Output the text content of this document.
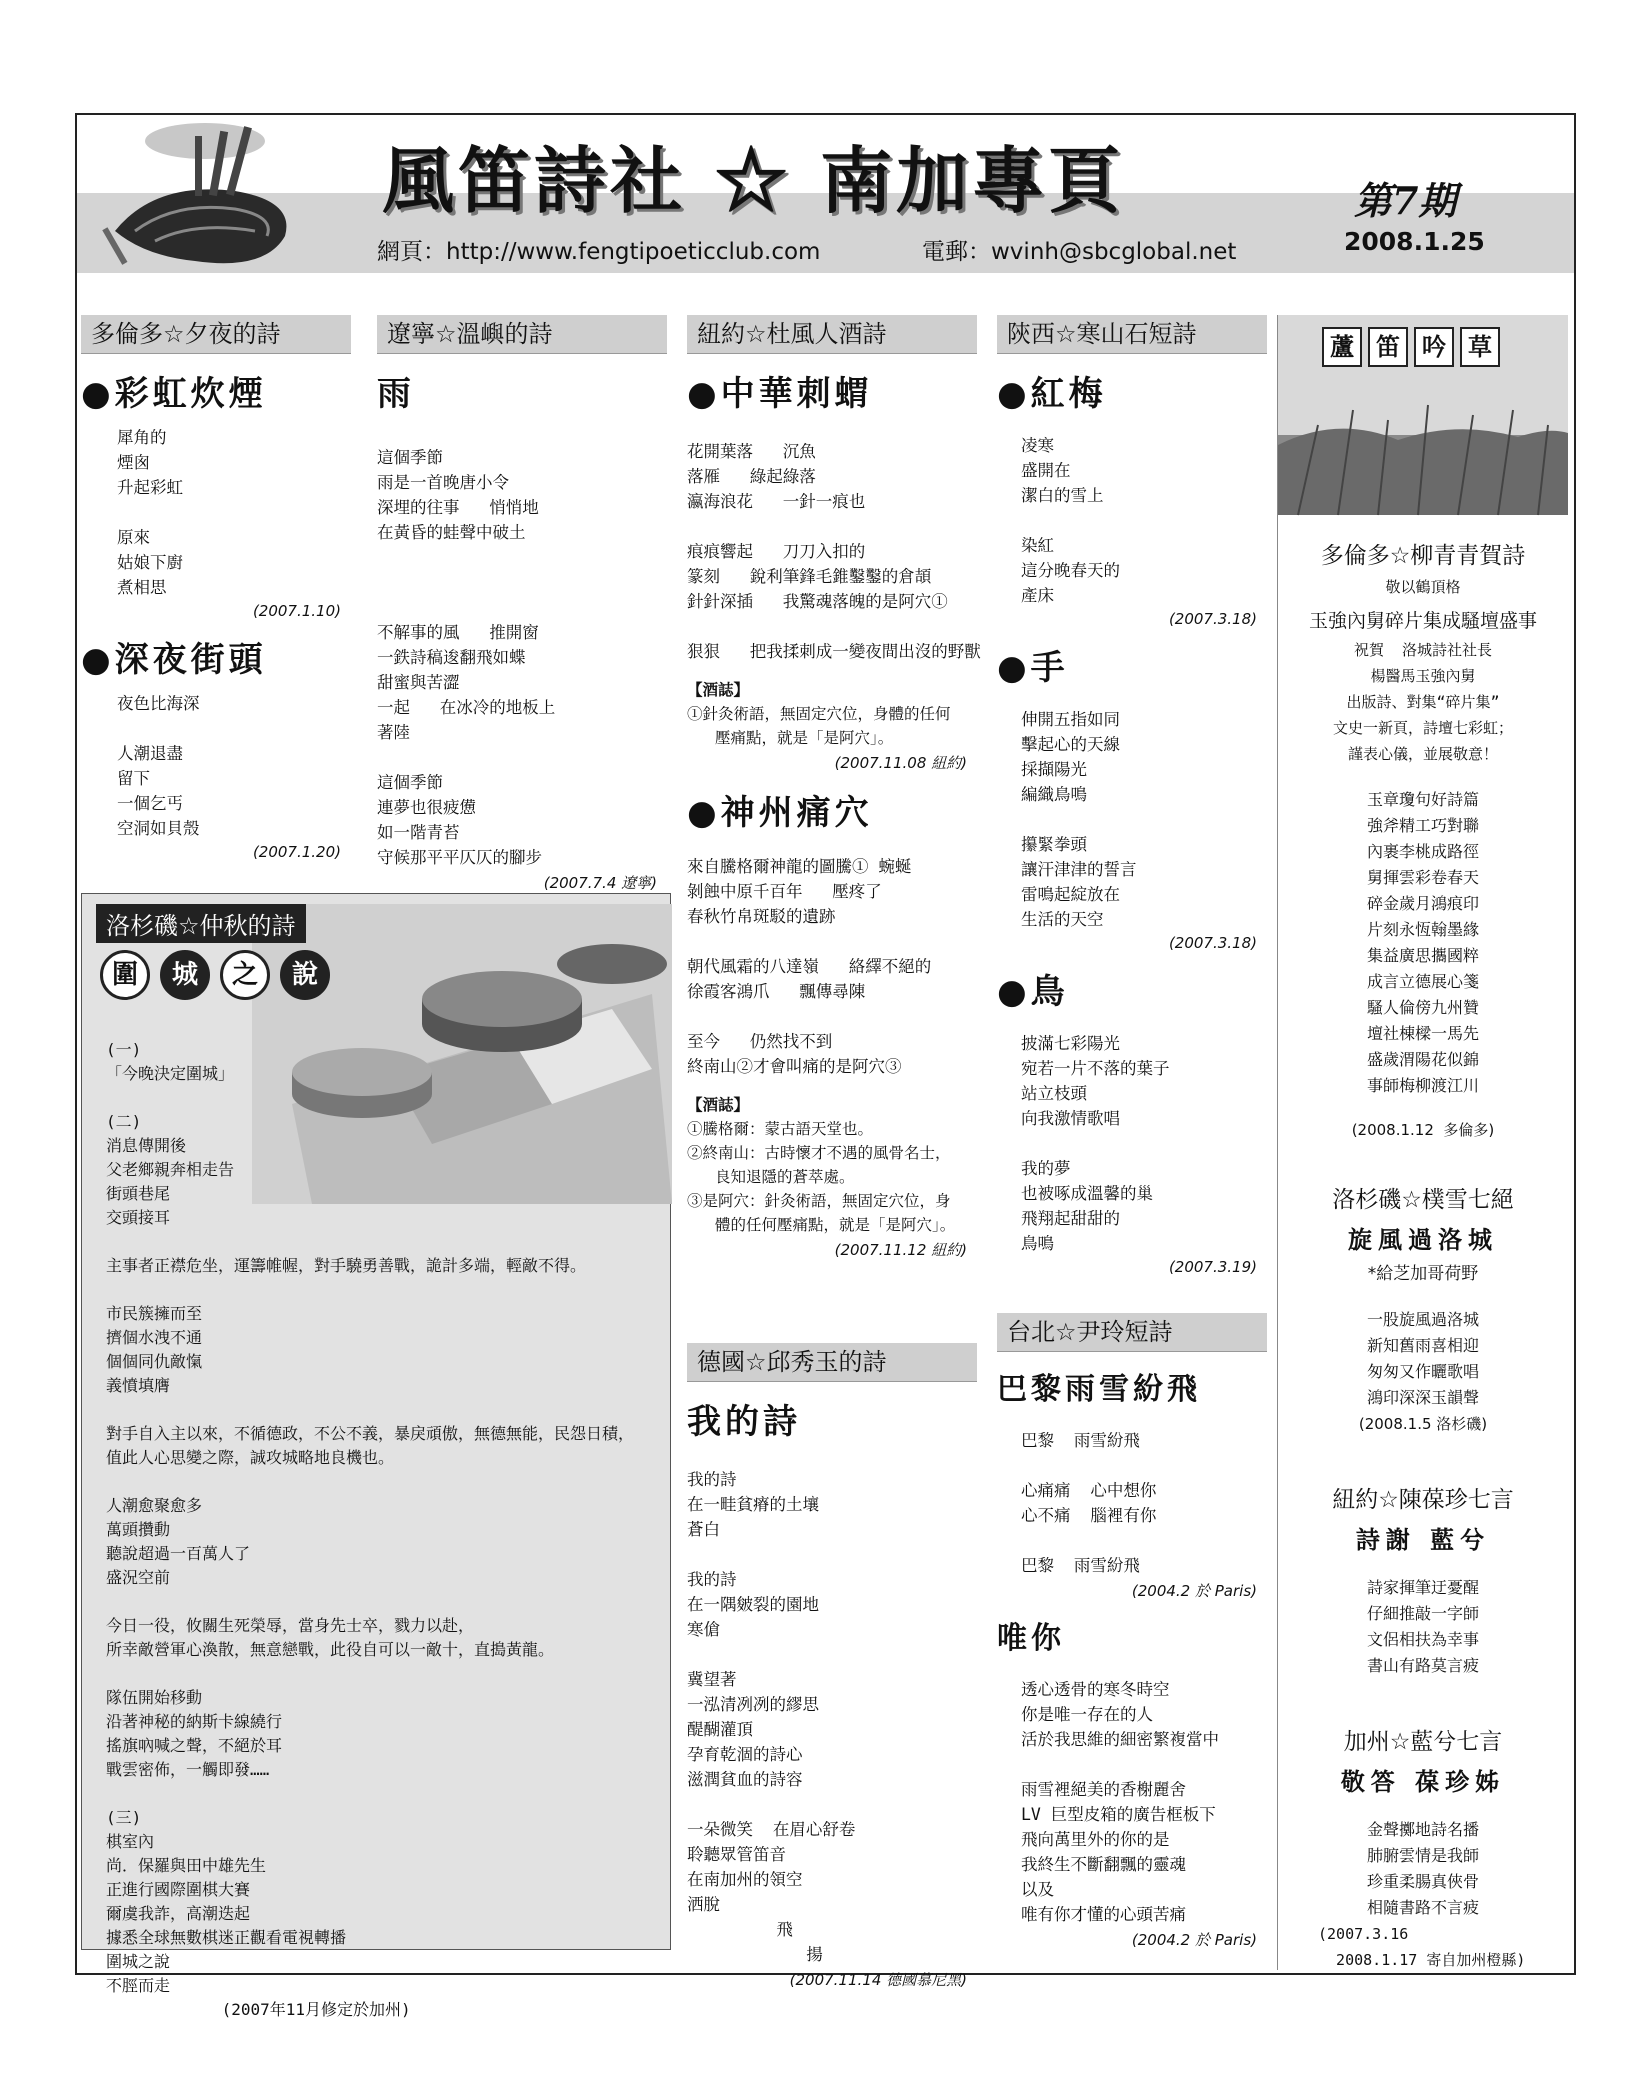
風笛詩社 ☆ 南加專頁	第7期
2008.1.25
網頁：http://www.fengtipoeticclub.com	電郵：wvinh@sbcglobal.net
多倫多☆夕夜的詩
●彩虹炊煙
犀角的
煙囪
升起彩虹

原來
姑娘下廚
煮相思
(2007.1.10)
●深夜街頭
夜色比海深

人潮退盡
留下
一個乞丐
空洞如貝殼
(2007.1.20)
遼寧☆溫嶼的詩
雨
這個季節
雨是一首晚唐小令
深埋的往事   悄悄地
在黃昏的蛙聲中破土

不解事的風   推開窗
一鉄詩稿逡翻飛如蝶
甜蜜與苦澀
一起   在冰冷的地板上
著陸

這個季節
連夢也很疲憊
如一階青苔
守候那平平仄仄的腳步
(2007.7.4 遼寧)
洛杉磯☆仲秋的詩
圍 城 之 說
(一)
「今晚決定圍城」

(二)
消息傳開後
父老鄉親奔相走告
街頭巷尾
交頭接耳

主事者正襟危坐，運籌帷幄，對手驍勇善戰，詭計多端，輕敵不得。

市民簇擁而至
擠個水洩不通
個個同仇敵愾
義憤填膺

對手自入主以來，不循德政，不公不義，暴戾頑傲，無德無能，民怨日積，
值此人心思變之際，誠攻城略地良機也。

人潮愈聚愈多
萬頭攢動
聽說超過一百萬人了
盛況空前

今日一役，攸關生死榮辱，當身先士卒，戮力以赴，
所幸敵營軍心渙散，無意戀戰，此役自可以一敵十，直搗黃龍。

隊伍開始移動
沿著神秘的納斯卡線繞行
搖旗吶喊之聲，不絕於耳
戰雲密佈，一觸即發……

(三)
棋室內
尚．保羅與田中雄先生
正進行國際圍棋大賽
爾虞我詐，高潮迭起
據悉全球無數棋迷正觀看電視轉播
圍城之說
不脛而走
(2007年11月修定於加州)
紐約☆杜風人酒詩
●中華刺蝟
花開葉落   沉魚
落雁   綠起綠落
瀛海浪花   一針一痕也

痕痕響起   刀刀入扣的
篆刻   銳利筆鋒毛錐鑿鑿的倉頡
針針深插   我驚魂落魄的是阿穴①

狠狠   把我揉刺成一變夜間出沒的野獸
【酒誌】
①針灸術語，無固定穴位，身體的任何
壓痛點，就是「是阿穴」。
(2007.11.08 紐約)
●神州痛穴
來自騰格爾神龍的圖騰① 蜿蜒
剝蝕中原千百年   壓疼了
春秋竹帛斑駁的遺跡

朝代風霜的八達嶺   絡繹不絕的
徐霞客鴻爪   飄傳尋陳

至今   仍然找不到
終南山②才會叫痛的是阿穴③
【酒誌】
①騰格爾：蒙古語天堂也。
②終南山：古時懷才不遇的風骨名士，
良知退隱的蒼萃處。
③是阿穴：針灸術語，無固定穴位，身
體的任何壓痛點，就是「是阿穴」。
(2007.11.12 紐約)
德國☆邱秀玉的詩
我的詩
我的詩
在一畦貧瘠的土壤
蒼白

我的詩
在一隅皴裂的園地
寒傖

冀望著
一泓清冽冽的繆思
醍醐灌頂
孕育乾涸的詩心
滋潤貧血的詩容

一朵微笑  在眉心舒卷
聆聽眾管笛音
在南加州的領空
洒脫
飛
揚
(2007.11.14 德國慕尼黑)
陝西☆寒山石短詩
●紅梅
凌寒
盛開在
潔白的雪上

染紅
這分晚春天的
產床
(2007.3.18)
●手
伸開五指如同
擊起心的天線
採擷陽光
編織鳥鳴

攥緊拳頭
讓汗津津的誓言
雷鳴起綻放在
生活的天空
(2007.3.18)
●鳥
披滿七彩陽光
宛若一片不落的葉子
站立枝頭
向我激情歌唱

我的夢
也被啄成溫馨的巢
飛翔起甜甜的
鳥鳴
(2007.3.19)
台北☆尹玲短詩
巴黎雨雪紛飛
巴黎  雨雪紛飛

心痛痛  心中想你
心不痛  腦裡有你

巴黎  雨雪紛飛
(2004.2 於 Paris)
唯你
透心透骨的寒冬時空
你是唯一存在的人
活於我思維的細密繁複當中

雨雪裡絕美的香榭麗舍
LV 巨型皮箱的廣告框板下
飛向萬里外的你的是
我終生不斷翻飄的靈魂
以及
唯有你才懂的心頭苦痛
(2004.2 於 Paris)
蘆 笛 吟 草
多倫多☆柳青青賀詩
敬以鶴頂格
玉強內舅碎片集成騷壇盛事
祝賀  洛城詩社社長
楊醫馬玉強內舅
出版詩、對集“碎片集”
文史一新頁，詩壇七彩虹；
謹表心儀，並展敬意！
玉章瓊句好詩篇
強斧精工巧對聯
內裹李桃成路徑
舅揮雲彩卷春天
碎金歲月鴻痕印
片刻永恆翰墨緣
集益廣思攜國粹
成言立德展心箋
騷人倫傍九州贊
壇社棟樑一馬先
盛歲渭陽花似錦
事師梅柳渡江川
(2008.1.12  多倫多)
洛杉磯☆樸雪七絕
旋風過洛城
*給芝加哥荷野
一股旋風過洛城
新知舊雨喜相迎
匆匆又作曬歌唱
鴻印深深玉韻聲
(2008.1.5 洛杉磯)
紐約☆陳葆珍七言
詩謝 藍兮
詩家揮筆迂憂醒
仔細推敲一字師
文侶相扶為幸事
書山有路莫言疲
加州☆藍兮七言
敬答 葆珍姊
金聲擲地詩名播
肺腑雲情是我師
珍重柔腸真俠骨
相隨書路不言疲
(2007.3.16
2008.1.17 寄自加州橙縣)
